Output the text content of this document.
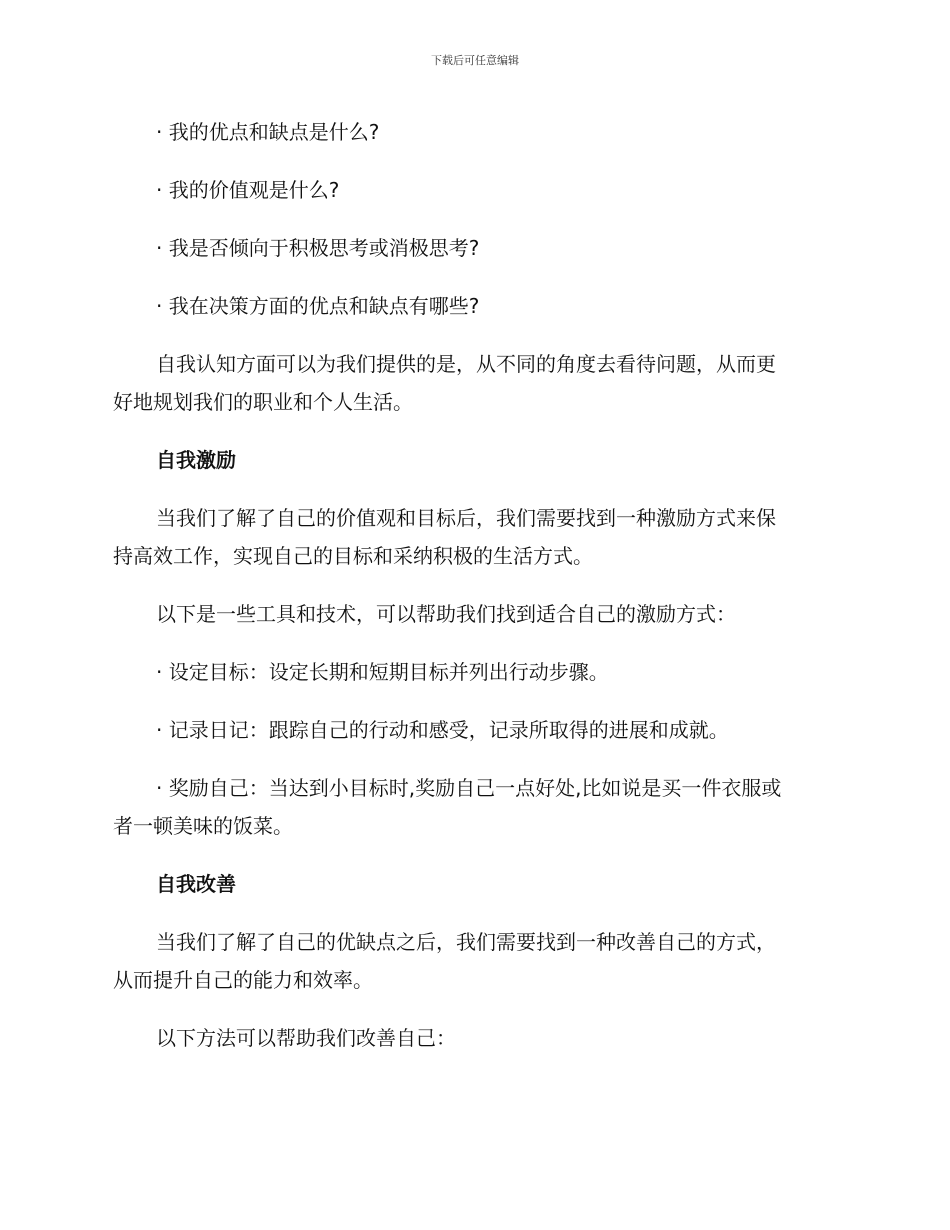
下载后可任意编辑
· 我的优点和缺点是什么?
· 我的价值观是什么?
· 我是否倾向于积极思考或消极思考?
· 我在决策方面的优点和缺点有哪些?
自我认知方面可以为我们提供的是，从不同的角度去看待问题，从而更
好地规划我们的职业和个人生活。
自我激励
当我们了解了自己的价值观和目标后，我们需要找到一种激励方式来保
持高效工作，实现自己的目标和采纳积极的生活方式。
以下是一些工具和技术，可以帮助我们找到适合自己的激励方式：
· 设定目标：设定长期和短期目标并列出行动步骤。
· 记录日记：跟踪自己的行动和感受，记录所取得的进展和成就。
· 奖励自己：当达到小目标时,奖励自己一点好处,比如说是买一件衣服或
者一顿美味的饭菜。
自我改善
当我们了解了自己的优缺点之后，我们需要找到一种改善自己的方式，
从而提升自己的能力和效率。
以下方法可以帮助我们改善自己：
